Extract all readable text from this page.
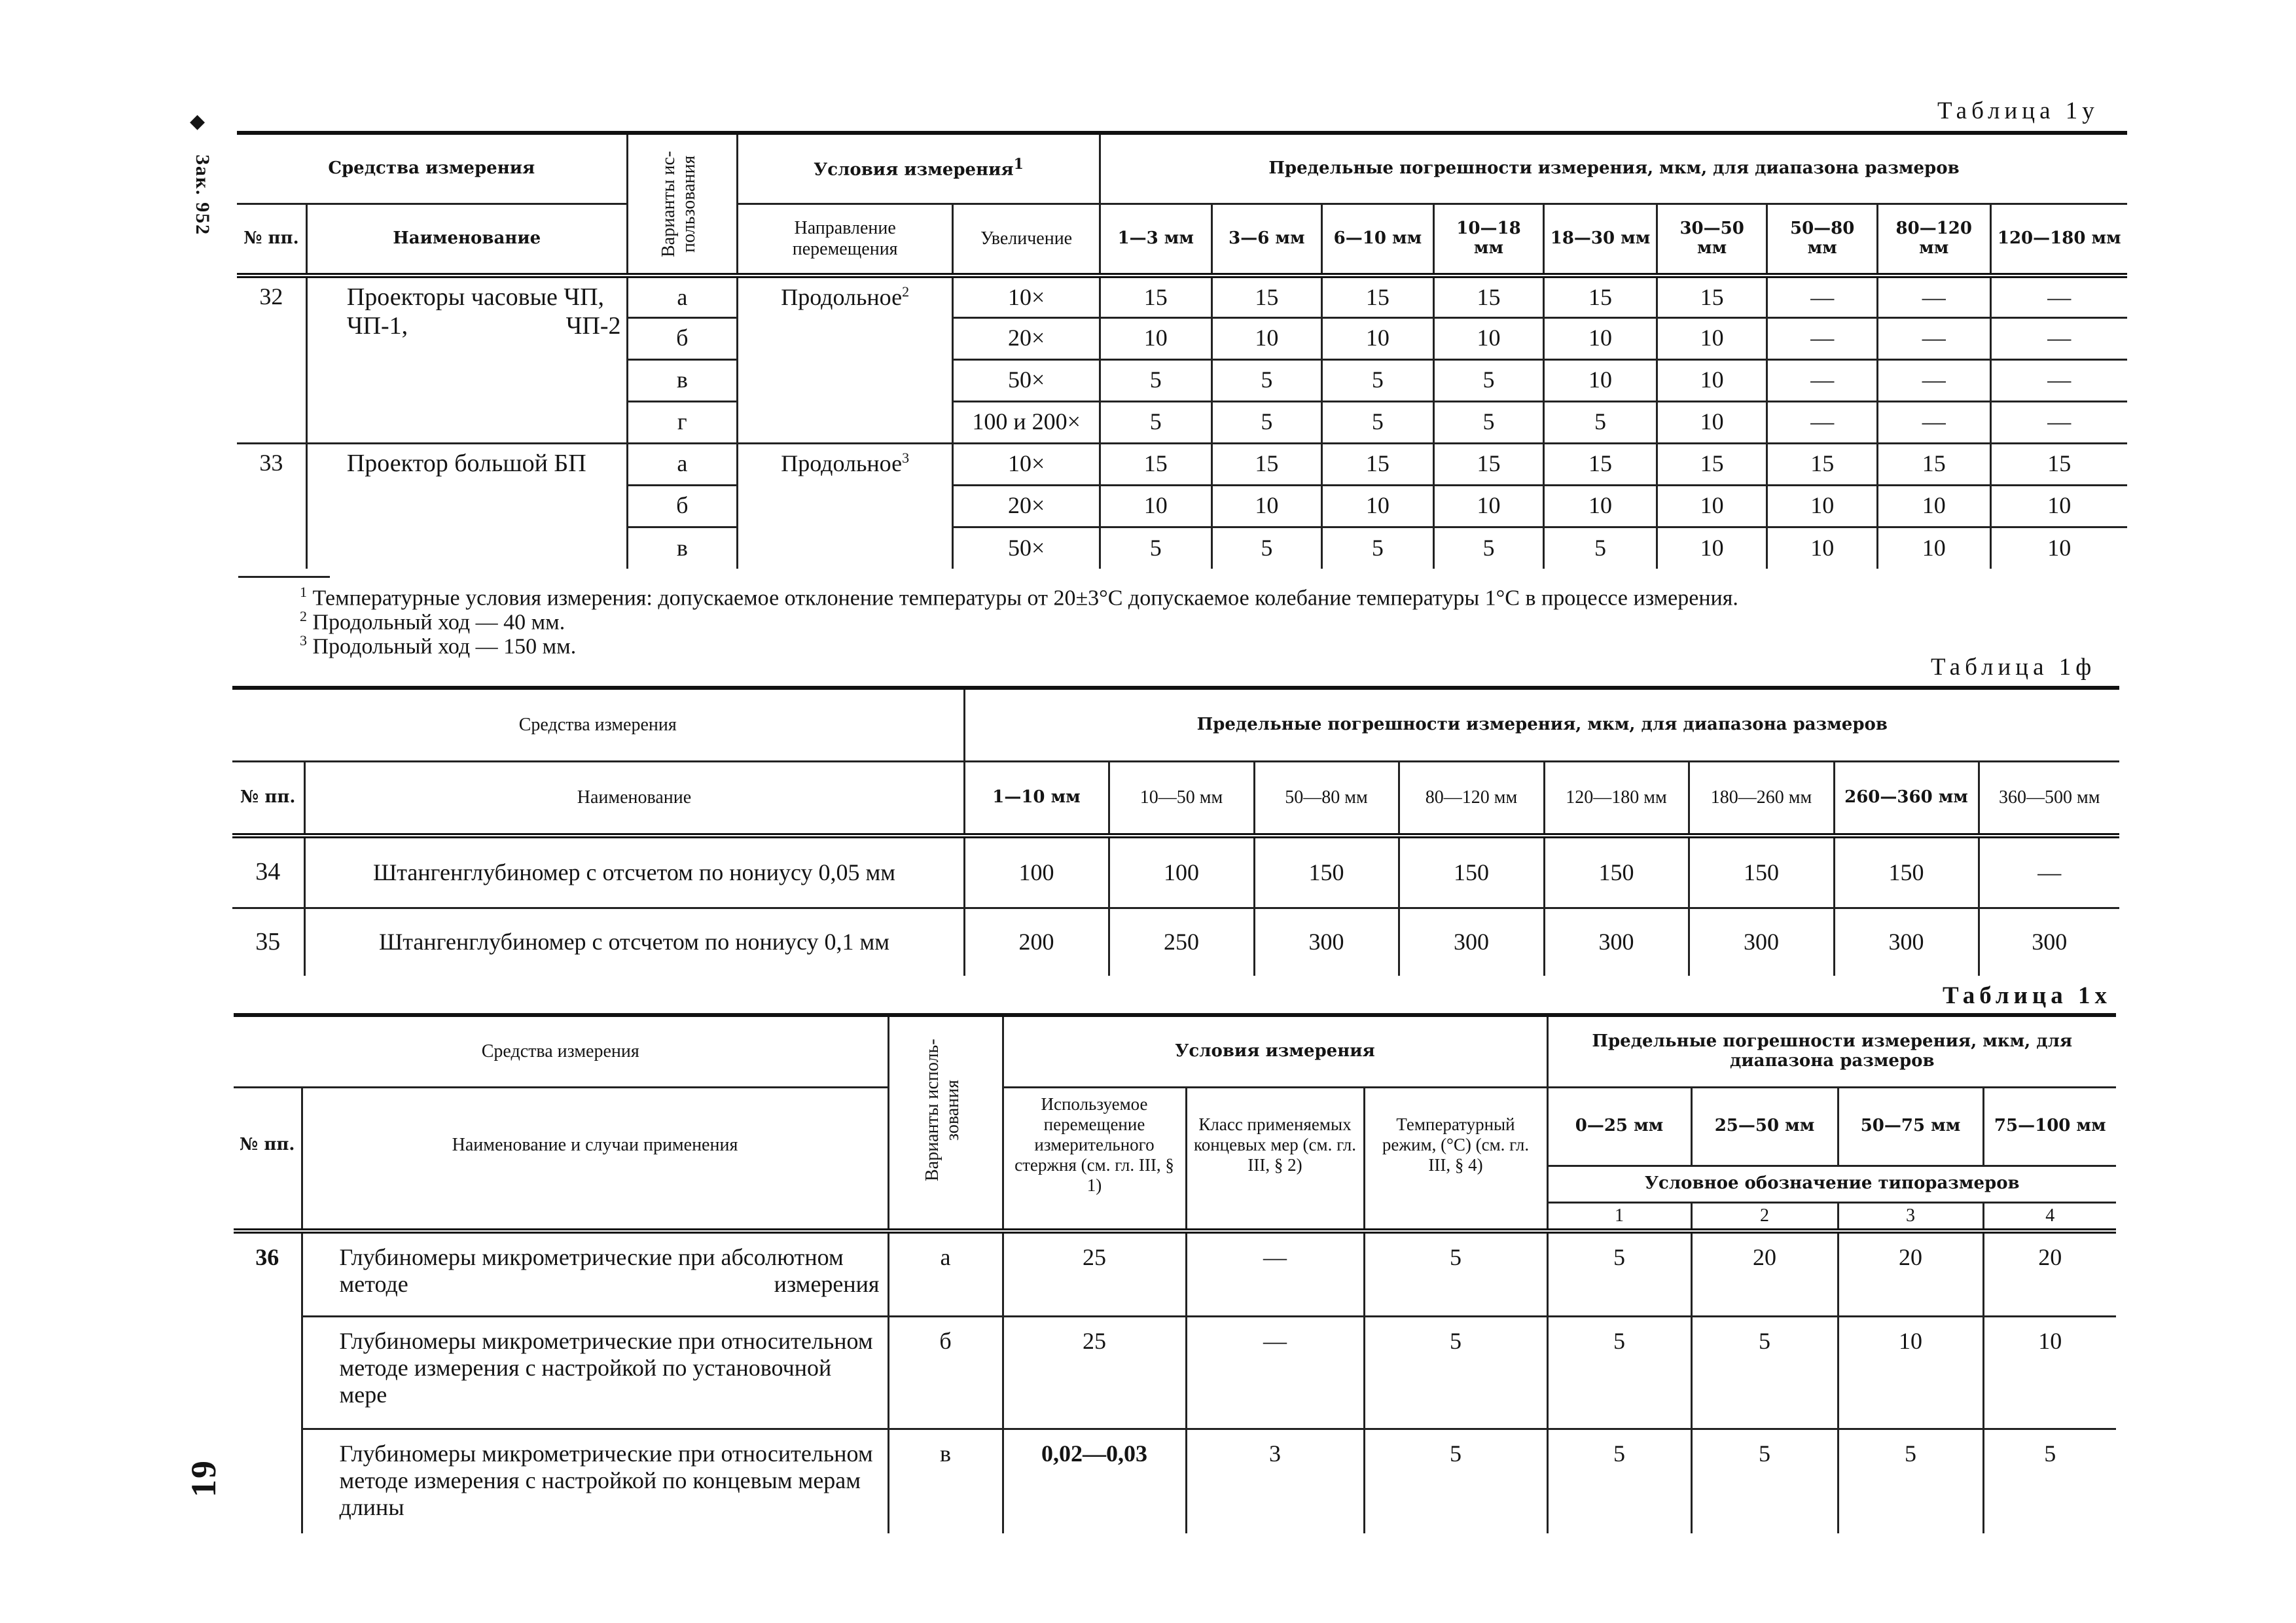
◆
Зак. 952
19
Таблица 1у
Средства измерения		Варианты ис- пользования	Условия измерения$^1$		Предельные погрешности измерения, мкм, для диапазона размеров								
№ пп.	Наименование		Направление перемещения	Увеличение	1—3 мм	3—6 мм	6—10 мм	10—18 мм	18—30 мм	30—50 мм	50—80 мм	80—120 мм	120—180 мм
32	Проекторы часовые ЧП, ЧП-1, ЧП-2	а	Продольное$^2$	10×	15	15	15	15	15	15	—	—	—
		б		20×	10	10	10	10	10	10	—	—	—
		в		50×	5	5	5	5	10	10	—	—	—
		г		100 и 200×	5	5	5	5	5	10	—	—	—
33	Проектор большой БП	а	Продольное$^3$	10×	15	15	15	15	15	15	15	15	15
		б		20×	10	10	10	10	10	10	10	10	10
		в		50×	5	5	5	5	5	10	10	10	10
$^1$ Температурные условия измерения: допускаемое отклонение температуры от 20±3°С допускаемое колебание температуры 1°С в процессе измерения.
$^2$ Продольный ход — 40 мм.
$^3$ Продольный ход — 150 мм.
Таблица 1ф
Средства измерения		Предельные погрешности измерения, мкм, для диапазона размеров							
№ пп.	Наименование	1—10 мм	10—50 мм	50—80 мм	80—120 мм	120—180 мм	180—260 мм	260—360 мм	360—500 мм
34	Штангенглубиномер с отсчетом по нониусу 0,05 мм	100	100	150	150	150	150	150	—
35	Штангенглубиномер с отсчетом по нониусу 0,1 мм	200	250	300	300	300	300	300	300
Таблица 1х
Средства измерения		Варианты исполь- зования	Условия измерения			Предельные погрешности измерения, мкм, для диапазона размеров			
№ пп.	Наименование и случаи применения		Используемое перемещение измерительного стержня (см. гл. III, § 1)	Класс применяемых концевых мер (см. гл. III, § 2)	Температурный режим, (°С) (см. гл. III, § 4)	0—25 мм	25—50 мм	50—75 мм	75—100 мм
						Условное обозначение типоразмеров			
						1	2	3	4
36	Глубиномеры микрометрические при абсолютном методе измерения	а	25	—	5	5	20	20	20
	Глубиномеры микрометрические при относительном методе измерения с настройкой по установочной мере	б	25	—	5	5	5	10	10
	Глубиномеры микрометрические при относительном методе измерения с настройкой по концевым мерам длины	в	0,02—0,03	3	5	5	5	5	5
